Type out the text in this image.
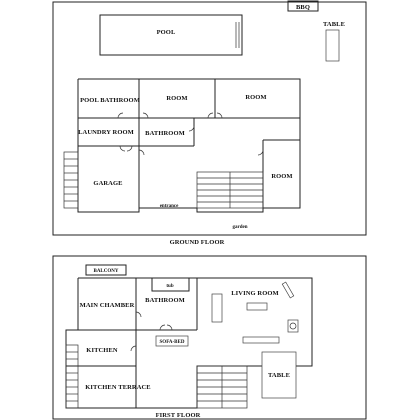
POOL
BBQ
TABLE
POOL BATHROOM	ROOM	ROOM
LAUNDRY ROOM BATHROOM
GARAGE
ROOM
entrance
garden
GROUND FLOOR
BALCONY
tub
SOFA-BED
LIVING ROOM
TABLE
MAIN CHAMBER
BATHROOM
KITCHEN
KITCHEN TERRACE
FIRST FLOOR
